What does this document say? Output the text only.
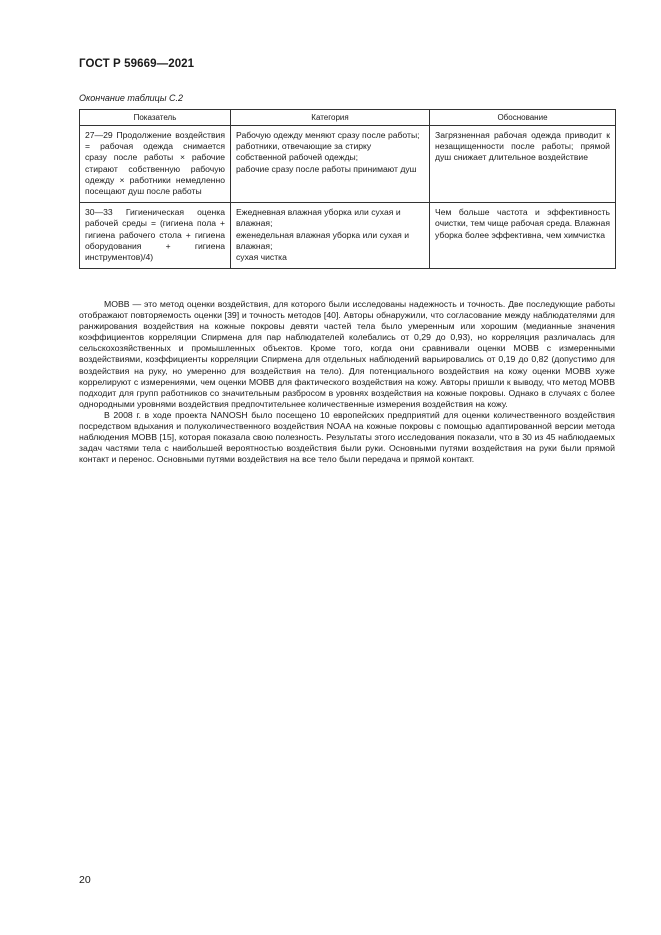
ГОСТ Р 59669—2021
Окончание таблицы С.2
Показатель	Категория	Обоснование
27—29 Продолжение воздействия = рабочая одежда снимается сразу после работы × рабочие стирают собственную рабочую одежду × работники немедленно посещают душ после работы	Рабочую одежду меняют сразу после работы;
работники, отвечающие за стирку собственной рабочей одежды;
рабочие сразу после работы принимают душ	Загрязненная рабочая одежда приводит к незащищенности после работы; прямой душ снижает длительное воздействие
30—33 Гигиеническая оценка рабочей среды = (гигиена пола + гигиена рабочего стола + гигиена оборудования + гигиена инструментов)/4)	Ежедневная влажная уборка или сухая и влажная;
еженедельная влажная уборка или сухая и влажная;
сухая чистка	Чем больше частота и эффективность очистки, тем чище рабочая среда. Влажная уборка более эффективна, чем химчистка

МОВВ — это метод оценки воздействия, для которого были исследованы надежность и точность. Две последующие работы отображают повторяемость оценки [39] и точность методов [40]. Авторы обнаружили, что согласование между наблюдателями для ранжирования воздействия на кожные покровы девяти частей тела было умеренным или хорошим (медианные значения коэффициентов корреляции Спирмена для пар наблюдателей колебались от 0,29 до 0,93), но корреляция различалась для сельскохозяйственных и промышленных объектов. Кроме того, когда они сравнивали оценки МОВВ с измеренными воздействиями, коэффициенты корреляции Спирмена для отдельных наблюдений варьировались от 0,19 до 0,82 (допустимо для воздействия на руку, но умеренно для воздействия на тело). Для потенциального воздействия на кожу оценки МОВВ хуже коррелируют с измерениями, чем оценки МОВВ для фактического воздействия на кожу. Авторы пришли к выводу, что метод МОВВ подходит для групп работников со значительным разбросом в уровнях воздействия на кожные покровы. Однако в случаях с более однородными уровнями воздействия предпочтительнее количественные измерения воздействия на кожу.

В 2008 г. в ходе проекта NANOSH было посещено 10 европейских предприятий для оценки количественного воздействия посредством вдыхания и полуколичественного воздействия NOAA на кожные покровы с помощью адаптированной версии метода наблюдения МОВВ [15], которая показала свою полезность. Результаты этого исследования показали, что в 30 из 45 наблюдаемых задач частями тела с наибольшей вероятностью воздействия были руки. Основными путями воздействия на руки были прямой контакт и перенос. Основными путями воздействия на все тело были передача и прямой контакт.

20
